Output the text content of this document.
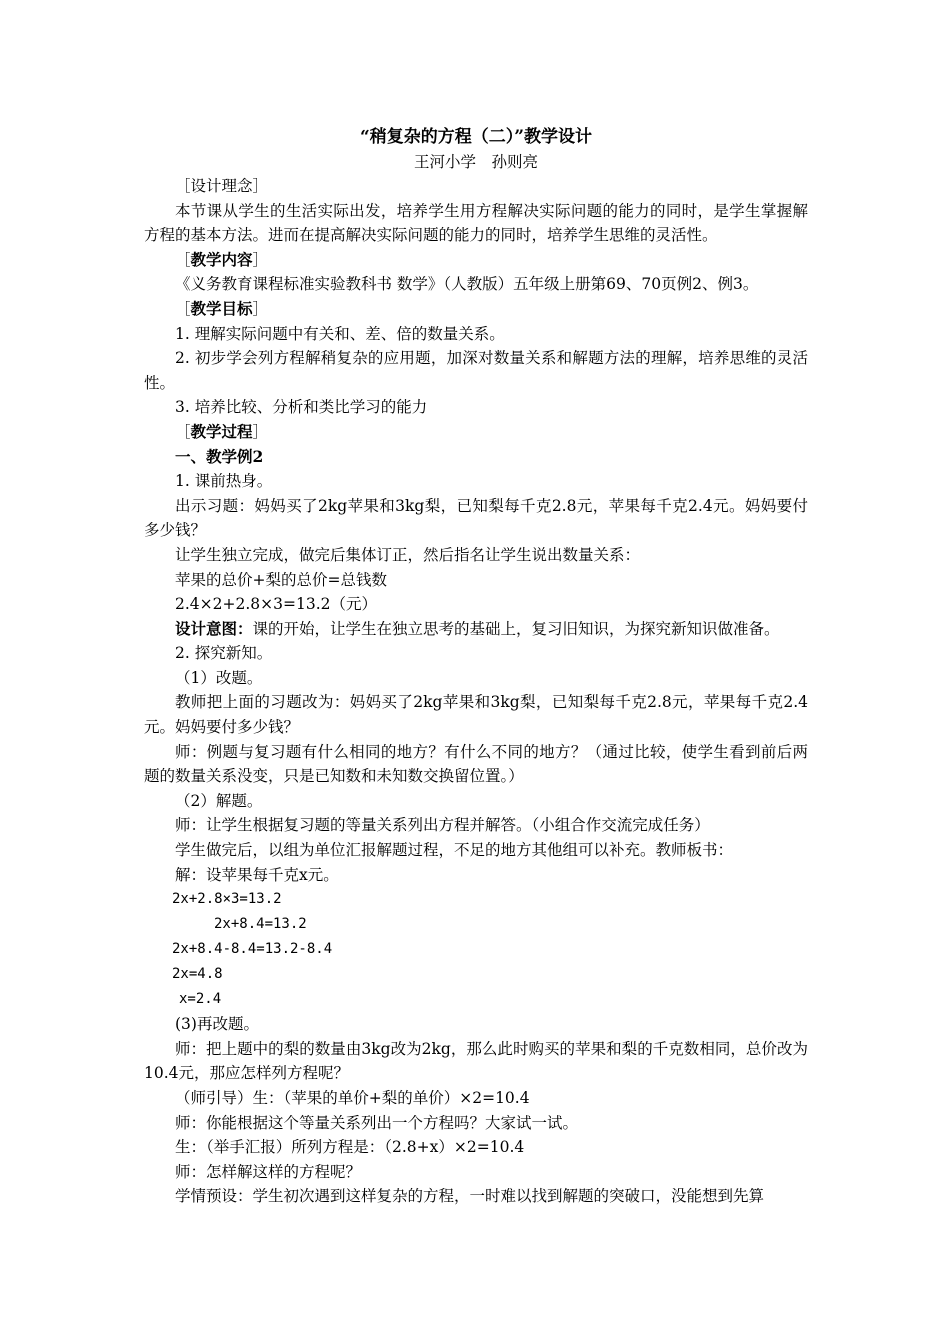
“稍复杂的方程（二）”教学设计
王河小学　孙则亮

［设计理念］

本节课从学生的生活实际出发，培养学生用方程解决实际问题的能力的同时，是学生掌握解方程的基本方法。进而在提高解决实际问题的能力的同时，培养学生思维的灵活性。

［教学内容］

《义务教育课程标准实验教科书 数学》（人教版）五年级上册第69、70页例2、例3。

［教学目标］

1. 理解实际问题中有关和、差、倍的数量关系。

2. 初步学会列方程解稍复杂的应用题，加深对数量关系和解题方法的理解，培养思维的灵活性。

3. 培养比较、分析和类比学习的能力

［教学过程］

一、教学例2

1. 课前热身。

出示习题：妈妈买了2kg苹果和3kg梨，已知梨每千克2.8元，苹果每千克2.4元。妈妈要付多少钱？

让学生独立完成，做完后集体订正，然后指名让学生说出数量关系：

苹果的总价+梨的总价=总钱数

2.4×2+2.8×3=13.2（元）

设计意图：课的开始，让学生在独立思考的基础上，复习旧知识，为探究新知识做准备。

2. 探究新知。

（1）改题。

教师把上面的习题改为：妈妈买了2kg苹果和3kg梨，已知梨每千克2.8元，苹果每千克2.4元。妈妈要付多少钱？

师：例题与复习题有什么相同的地方？有什么不同的地方？（通过比较，使学生看到前后两题的数量关系没变，只是已知数和未知数交换留位置。）

（2）解题。

师：让学生根据复习题的等量关系列出方程并解答。（小组合作交流完成任务）

学生做完后，以组为单位汇报解题过程，不足的地方其他组可以补充。教师板书：

解：设苹果每千克x元。

2x+2.8×3=13.2

2x+8.4=13.2

2x+8.4-8.4=13.2-8.4

2x=4.8

x=2.4

(3)再改题。

师：把上题中的梨的数量由3kg改为2kg，那么此时购买的苹果和梨的千克数相同，总价改为10.4元，那应怎样列方程呢？

（师引导）生：（苹果的单价+梨的单价）×2=10.4

师：你能根据这个等量关系列出一个方程吗？大家试一试。

生：（举手汇报）所列方程是：（2.8+x）×2=10.4

师：怎样解这样的方程呢？

学情预设：学生初次遇到这样复杂的方程，一时难以找到解题的突破口，没能想到先算
